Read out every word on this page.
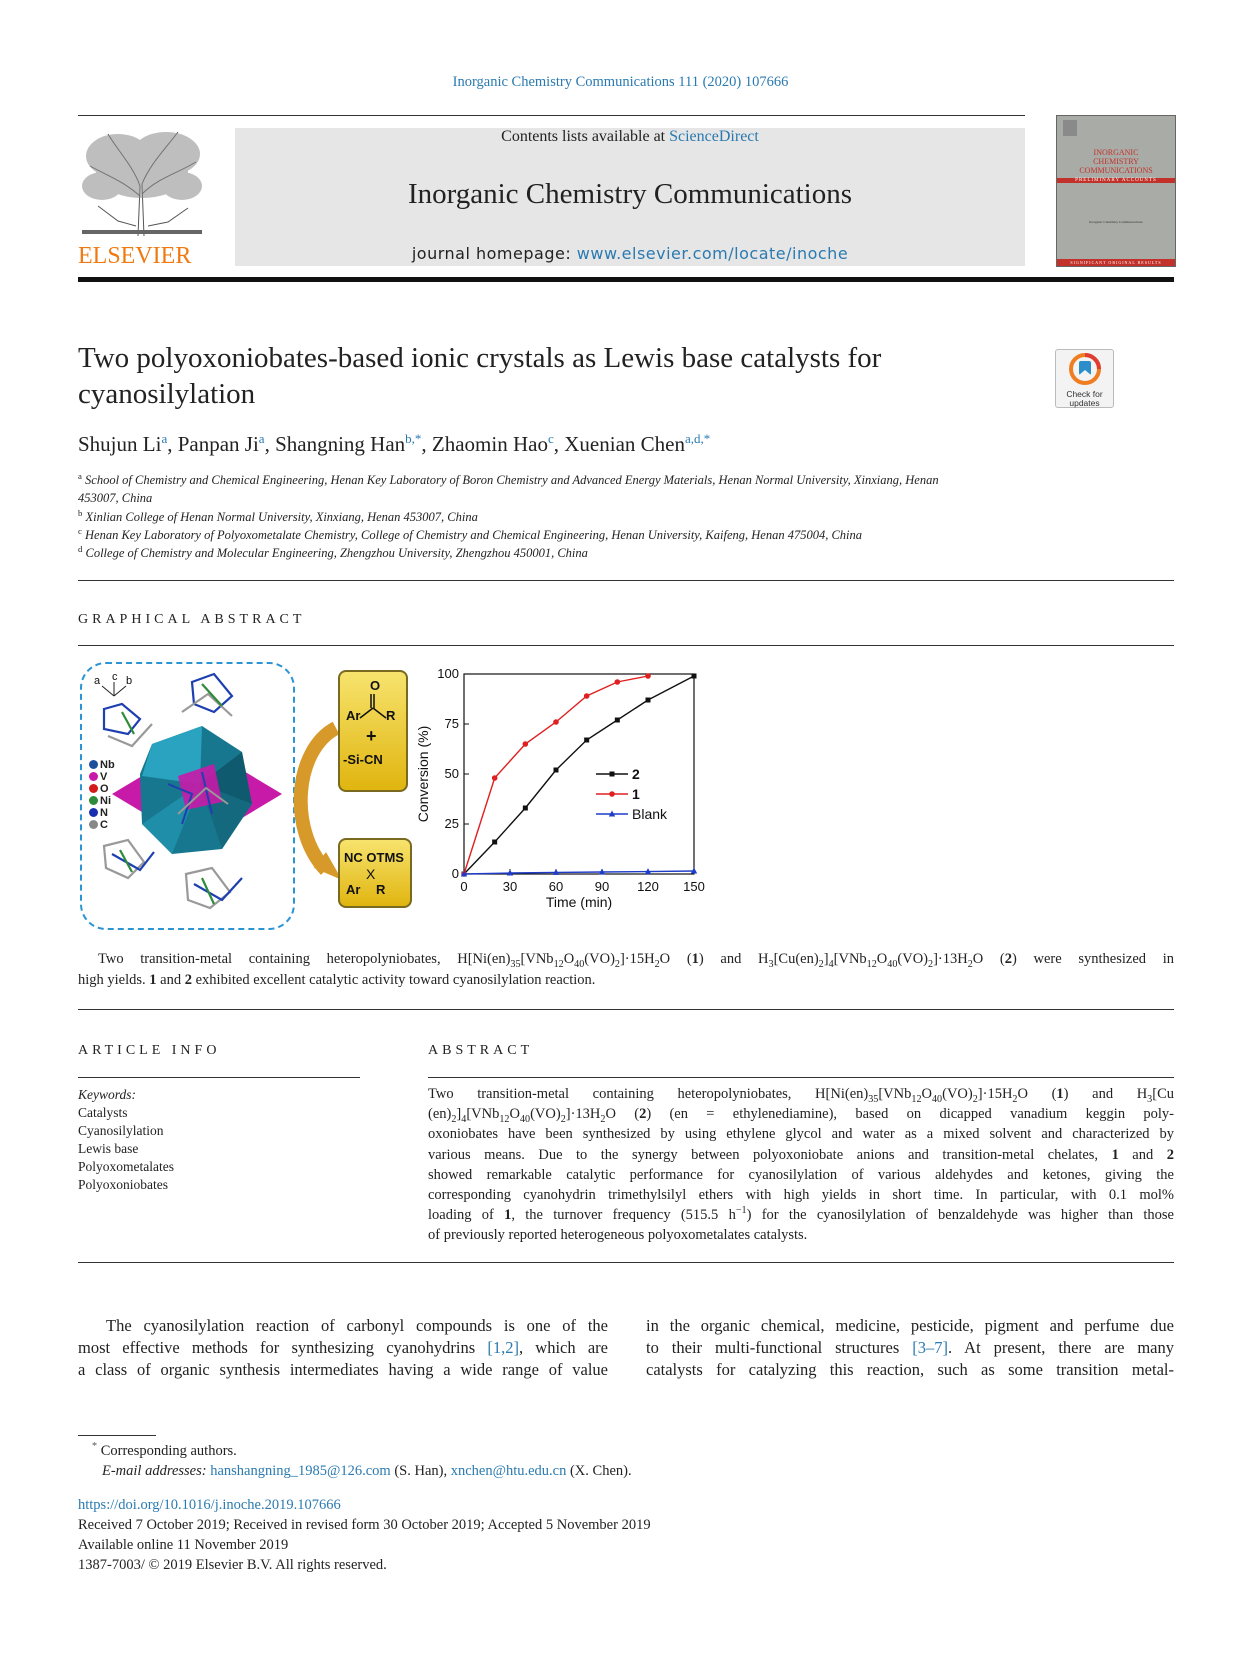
Inorganic Chemistry Communications 111 (2020) 107666
ELSEVIER
Contents lists available at ScienceDirect
Inorganic Chemistry Communications
journal homepage: www.elsevier.com/locate/inoche
INORGANIC
CHEMISTRY
COMMUNICATIONS
PRELIMINARY ACCOUNTS
Inorganic Chemistry Communications
SIGNIFICANT ORIGINAL RESULTS
Two polyoxoniobates-based ionic crystals as Lewis base catalysts for
cyanosilylation	Check for
updates
Shujun Li$^a$, Panpan Ji$^a$, Shangning Han$^{b,*}$, Zhaomin Hao$^c$, Xuenian Chen$^{a,d,*}$
$^a$ School of Chemistry and Chemical Engineering, Henan Key Laboratory of Boron Chemistry and Advanced Energy Materials, Henan Normal University, Xinxiang, Henan
453007, China
$^b$ Xinlian College of Henan Normal University, Xinxiang, Henan 453007, China
$^c$ Henan Key Laboratory of Polyoxometalate Chemistry, College of Chemistry and Chemical Engineering, Henan University, Kaifeng, Henan 475004, China
$^d$ College of Chemistry and Molecular Engineering, Zhengzhou University, Zhengzhou 450001, China
GRAPHICAL ABSTRACT
a c b
Nb
V
O
Ni
N
C
O
Ar R
+
-Si-CN
NC OTMS
X
Ar R	0	30 60 90 120 150
0
25
50
75
100
Time (min)
Conversion (%)	2
1
Blank

Two transition-metal containing heteropolyniobates, $H[Ni(en)_{35}[VNb_{12}O_{40}(VO)_2]\cdot 15H_2O$ (1) and $H_3[Cu(en)_2]_4[VNb_{12}O_{40}(VO)_2]\cdot 13H_2O$ (2) were synthesized in

high yields. 1 and 2 exhibited excellent catalytic activity toward cyanosilylation reaction.

ARTICLE INFO
Keywords:
Catalysts
Cyanosilylation
Lewis base
Polyoxometalates
Polyoxoniobates
ABSTRACT

Two transition-metal containing heteropolyniobates, $H[Ni(en)_{35}[VNb_{12}O_{40}(VO)_2]\cdot 15H_2O$ (1) and $H_3[Cu$

$(en)_2]_4[VNb_{12}O_{40}(VO)_2]\cdot 13H_2O$ (2) (en = ethylenediamine), based on dicapped vanadium keggin poly-

oxoniobates have been synthesized by using ethylene glycol and water as a mixed solvent and characterized by

various means. Due to the synergy between polyoxoniobate anions and transition-metal chelates, 1 and 2

showed remarkable catalytic performance for cyanosilylation of various aldehydes and ketones, giving the

corresponding cyanohydrin trimethylsilyl ethers with high yields in short time. In particular, with 0.1 mol%

loading of 1, the turnover frequency (515.5 $h^{-1}$) for the cyanosilylation of benzaldehyde was higher than those

of previously reported heterogeneous polyoxometalates catalysts.

The cyanosilylation reaction of carbonyl compounds is one of the

most effective methods for synthesizing cyanohydrins [1,2], which are

a class of organic synthesis intermediates having a wide range of value

in the organic chemical, medicine, pesticide, pigment and perfume due

to their multi-functional structures [3–7]. At present, there are many

catalysts for catalyzing this reaction, such as some transition metal-

* Corresponding authors.
E-mail addresses: hanshangning_1985@126.com (S. Han), xnchen@htu.edu.cn (X. Chen).
https://doi.org/10.1016/j.inoche.2019.107666
Received 7 October 2019; Received in revised form 30 October 2019; Accepted 5 November 2019
Available online 11 November 2019
1387-7003/ © 2019 Elsevier B.V. All rights reserved.
